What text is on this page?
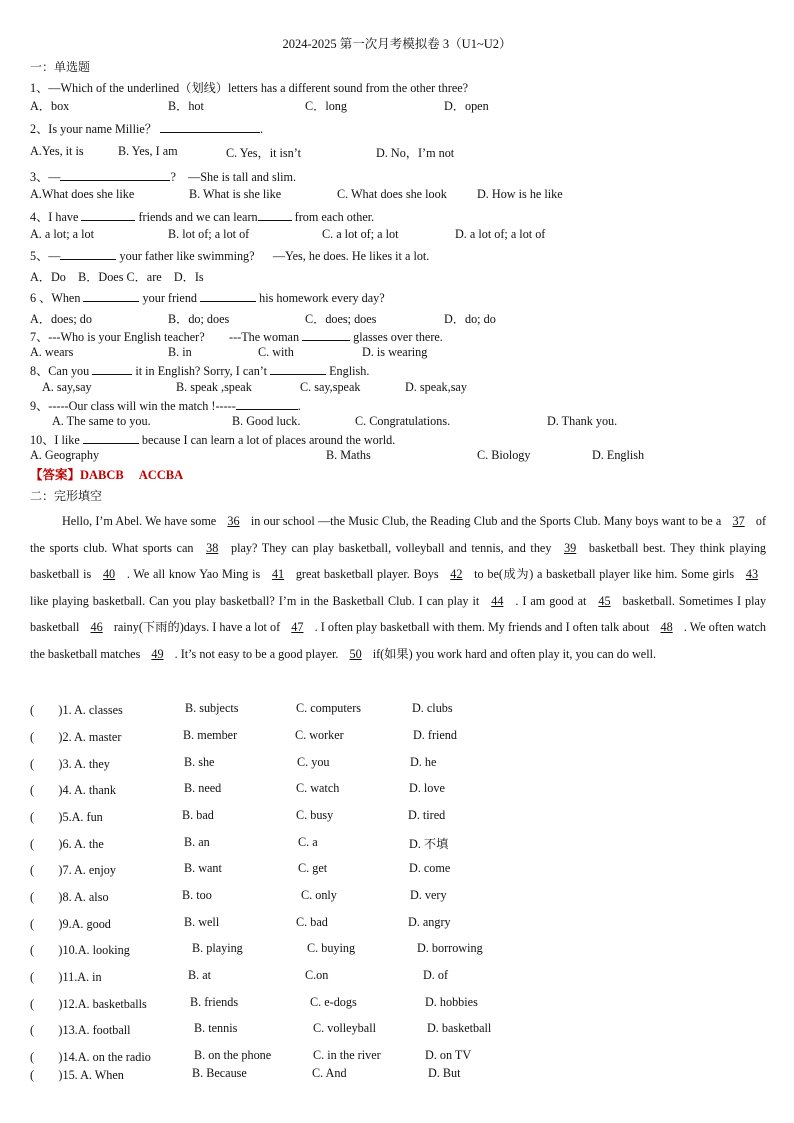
2024-2025 第一次月考模拟卷 3（U1~U2）
一：单选题
1、—Which of the underlined（划线）letters has a different sound from the other three?
A．box	B．hot	C．long	D．open
2、Is your name Millie？	.
A.Yes, it is	B. Yes, I am	C. Yes，it isn’t	D. No，I’m not
3、—	? —She is tall and slim.
A.What does she like	B. What is she like	C. What does she look D. How is he like
4、I have	friends and we can learn	from each other.
A. a lot; a lot	B. lot of; a lot of	C. a lot of; a lot	D. a lot of; a lot of
5、—	your father like swimming? —Yes, he does. He likes it a lot.
A．Do　B．Does C．are　D．Is
6 、When	your friend	his homework every day?
A．does; do	B．do; does	C．does; does	D．do; do
7、---Who is your English teacher? ---The woman	glasses over there.
A. wears	B. in	C. with	D. is wearing
8、Can you	it in English? Sorry, I can’t	English.
A. say,say	B. speak ,speak	C. say,speak	D. speak,say
9、-----Our class will win the match !-----	.
A. The same to you.	B. Good luck.	C. Congratulations.	D. Thank you.
10、I like	because I can learn a lot of places around the world.
A. Geography	B. Maths	C. Biology	D. English
【答案】DABCB　 ACCBA
二：完形填空

Hello, I’m Abel. We have some 36 in our school —the Music Club, the Reading Club and the Sports Club. Many boys want to be a 37 of the sports club. What sports can 38 play? They can play basketball, volleyball and tennis, and they 39 basketball best. They think playing basketball is 40 . We all know Yao Ming is 41 great basketball player. Boys 42 to be(成为) a basketball player like him. Some girls 43 like playing basketball. Can you play basketball? I’m in the Basketball Club. I can play it 44 . I am good at 45 basketball. Sometimes I play basketball 46 rainy(下雨的)days. I have a lot of 47 . I often play basketball with them. My friends and I often talk about 48 . We often watch the basketball matches 49 . It’s not easy to be a good player. 50 if(如果) you work hard and often play it, you can do well.

(　　)1. A. classes	B. subjects	C. computers	D. clubs
(　　)2. A. master	B. member	C. worker	D. friend
(　　)3. A. they	B. she	C. you	D. he
(　　)4. A. thank	B. need	C. watch	D. love
(　　)5.A. fun	B. bad	C. busy	D. tired
(　　)6. A. the	B. an	C. a	D. 不填
(　　)7. A. enjoy	B. want	C. get	D. come
(　　)8. A. also	B. too	C. only	D. very
(　　)9.A. good	B. well	C. bad	D. angry
(　　)10.A. looking	B. playing	C. buying	D. borrowing
(　　)11.A. in	B. at	C.on	D. of
(　　)12.A. basketballs	B. friends	C. e-dogs	D. hobbies
(　　)13.A. football	B. tennis	C. volleyball	D. basketball
(　　)14.A. on the radio	B. on the phone	C. in the river	D. on TV
(　　)15. A. When	B. Because	C. And	D. But
